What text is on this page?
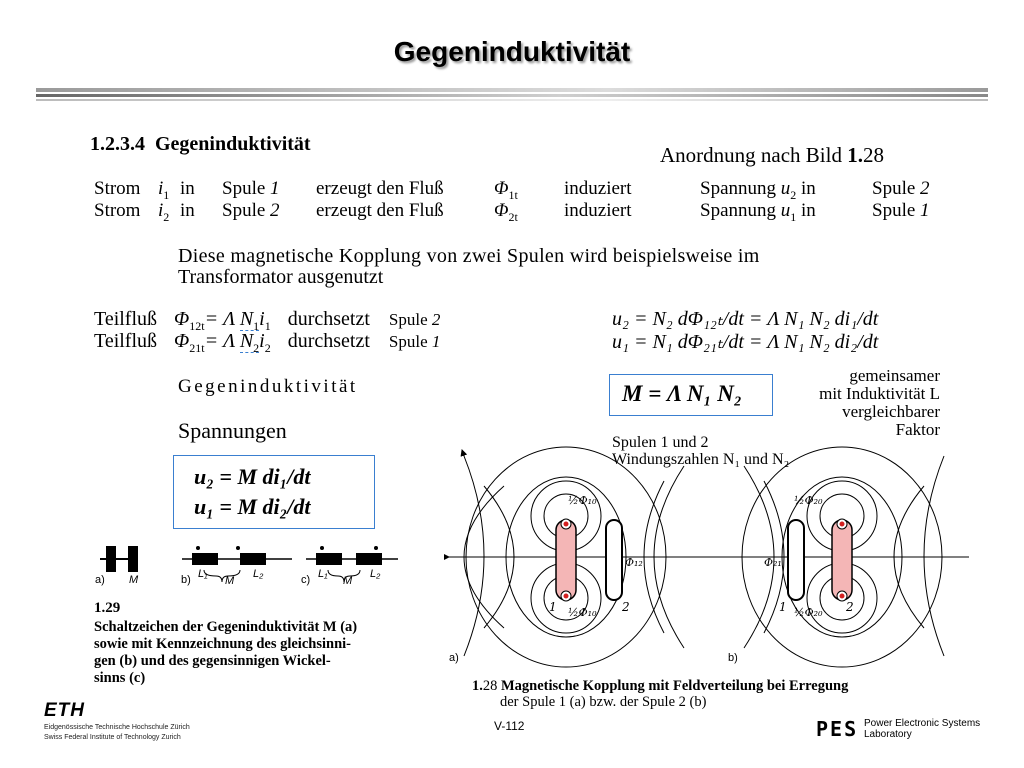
Gegeninduktivität
1.2.3.4 Gegeninduktivität	Anordnung nach Bild 1.28
Strom $i_1$ in Spule 1 erzeugt den Fluß	$\Phi_{1t}$ induziert	Spannung $u_2$ in	Spule 2
Strom $i_2$ in Spule 2 erzeugt den Fluß	$\Phi_{2t}$ induziert	Spannung $u_1$ in	Spule 1
Diese magnetische Kopplung von zwei Spulen wird beispielsweise im
Transformator ausgenutzt
Teilfluß $\Phi_{12t}= \Lambda$ $N_1i_1$ durchsetzt Spule 2
Teilfluß $\Phi_{21t}= \Lambda$ $N_2i_2$ durchsetzt Spule 1
u₂ = N₂ dΦ₁₂ₜ/dt = Λ N₁ N₂ di₁/dt
u₁ = N₁ dΦ₂₁ₜ/dt = Λ N₁ N₂ di₂/dt
Gegeninduktivität	M = Λ N₁ N₂
gemeinsamer
mit Induktivität L
vergleichbarer
Faktor
Spannungen
u₂ = M di₁/dt
u₁ = M di₂/dt
Spulen 1 und 2
Windungszahlen N₁ und N₂
a) M	b) L₁
M
L₂	c) L₁
M
L₂
1.29
Schaltzeichen der Gegeninduktivität M (a)
sowie mit Kennzeichnung des gleichsinni-
gen (b) und des gegensinnigen Wickel-
sinns (c)
½Φ₁₀
½Φ₁₀
Φ₁₂
½Φ₂₀
½Φ₂₀
Φ₂₁
1	2	1	2
a)	b)
1.28 Magnetische Kopplung mit Feldverteilung bei Erregung
der Spule 1 (a) bzw. der Spule 2 (b)
ETH
Eidgenössische Technische Hochschule Zürich
Swiss Federal Institute of Technology Zurich
V-112	PES Power Electronic Systems
Laboratory
